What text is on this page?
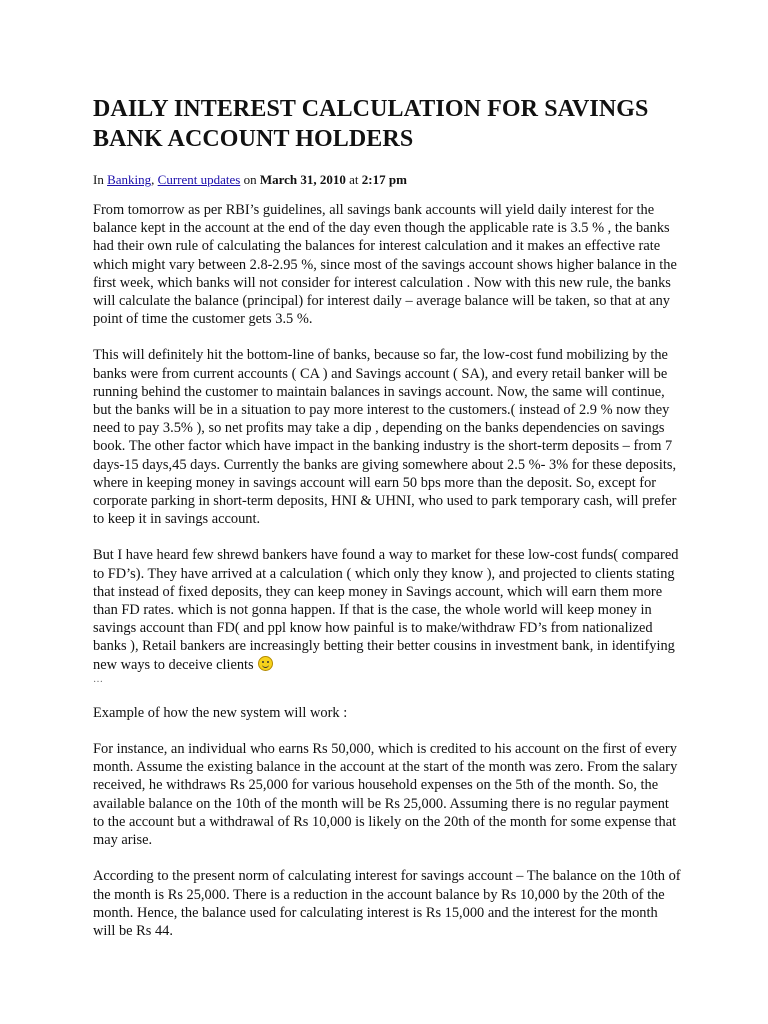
DAILY INTEREST CALCULATION FOR SAVINGS BANK ACCOUNT HOLDERS
In Banking, Current updates on March 31, 2010 at 2:17 pm

From tomorrow as per RBI’s guidelines, all savings bank accounts will yield daily interest for the balance kept in the account at the end of the day even though the applicable rate is 3.5 % , the banks had their own rule of calculating the balances for interest calculation and it makes an effective rate which might vary between 2.8-2.95 %, since most of the savings account shows higher balance in the first week, which banks will not consider for interest calculation . Now with this new rule, the banks will calculate the balance (principal) for interest daily – average balance will be taken, so that at any point of time the customer gets 3.5 %.

This will definitely hit the bottom-line of banks, because so far, the low-cost fund mobilizing by the banks were from current accounts ( CA ) and Savings account ( SA), and every retail banker will be running behind the customer to maintain balances in savings account. Now, the same will continue, but the banks will be in a situation to pay more interest to the customers.( instead of 2.9 % now they need to pay 3.5% ), so net profits may take a dip , depending on the banks dependencies on savings book. The other factor which have impact in the banking industry is the short-term deposits – from 7 days-15 days,45 days. Currently the banks are giving somewhere about 2.5 %- 3% for these deposits, where in keeping money in savings account will earn 50 bps more than the deposit. So, except for corporate parking in short-term deposits, HNI & UHNI, who used to park temporary cash, will prefer to keep it in savings account.

But I have heard few shrewd bankers have found a way to market for these low-cost funds( compared to FD’s). They have arrived at a calculation ( which only they know ), and projected to clients stating that instead of fixed deposits, they can keep money in Savings account, which will earn them more than FD rates. which is not gonna happen. If that is the case, the whole world will keep money in savings account than FD( and ppl know how painful is to make/withdraw FD’s from nationalized banks ), Retail bankers are increasingly betting their better cousins in investment bank, in identifying new ways to deceive clients
…

Example of how the new system will work :

For instance, an individual who earns Rs 50,000, which is credited to his account on the first of every month. Assume the existing balance in the account at the start of the month was zero. From the salary received, he withdraws Rs 25,000 for various household expenses on the 5th of the month. So, the available balance on the 10th of the month will be Rs 25,000. Assuming there is no regular payment to the account but a withdrawal of Rs 10,000 is likely on the 20th of the month for some expense that may arise.

According to the present norm of calculating interest for savings account – The balance on the 10th of the month is Rs 25,000. There is a reduction in the account balance by Rs 10,000 by the 20th of the month. Hence, the balance used for calculating interest is Rs 15,000 and the interest for the month will be Rs 44.
